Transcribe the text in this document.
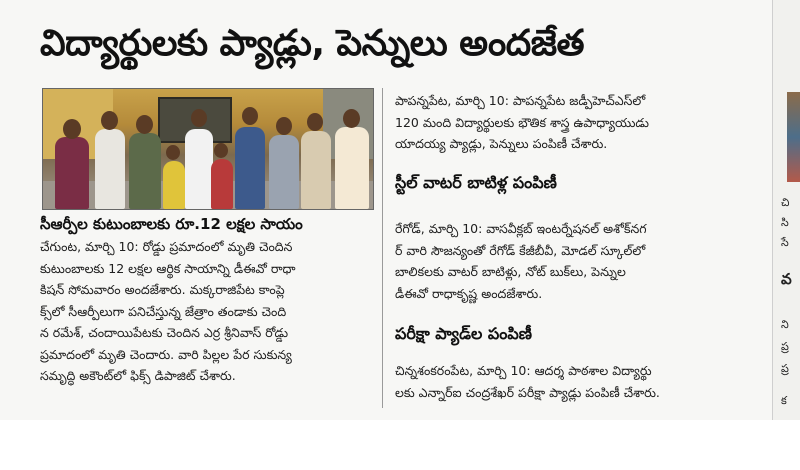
విద్యార్థులకు ప్యాడ్లు, పెన్నులు అందజేత
సీఆర్పీల కుటుంబాలకు రూ.12 లక్షల సాయం
చేగుంట, మార్చి 10: రోడ్డు ప్రమాదంలో మృతి చెందిన
కుటుంబాలకు 12 లక్షల ఆర్థిక సాయాన్ని డీఈవో రాధా
కిషన్ సోమవారం అందజేశారు. మక్కరాజిపేట కాంప్లె
క్స్‌లో సీఆర్పీలుగా పనిచేస్తున్న జేత్రాం తండాకు చెంది
న రమేశ్, చందాయిపేటకు చెందిన ఎర్ర శ్రీనివాస్ రోడ్డు
ప్రమాదంలో మృతి చెందారు. వారి పిల్లల పేర సుకున్య
సమృద్ధి అకౌంట్‌లో ఫిక్స్ డిపాజిట్ చేశారు.
పాపన్నపేట, మార్చి 10: పాపన్నపేట జడ్పీహెచ్‌ఎస్‌లో
120 మంది విద్యార్థులకు భౌతిక శాస్త్ర ఉపాధ్యాయుడు
యాదయ్య ప్యాడ్లు, పెన్నులు పంపిణీ చేశారు.
స్టీల్ వాటర్ బాటిళ్ల పంపిణీ
రేగోడ్, మార్చి 10: వాసవీక్లబ్ ఇంటర్నేషనల్ అశోక్‌నగ
ర్ వారి సౌజన్యంతో రేగోడ్ కేజీబీవీ, మోడల్ స్కూల్‌లో
బాలికలకు వాటర్ బాటిళ్లు, నోట్ బుక్‌లు, పెన్నుల
డీఈవో రాధాకృష్ణ అందజేశారు.
పరీక్షా ప్యాడ్‌ల పంపిణీ
చిన్నశంకరంపేట, మార్చి 10: ఆదర్శ పాఠశాల విద్యార్థు
లకు ఎన్నార్ఐ చంద్రశేఖర్ పరీక్షా ప్యాడ్లు పంపిణీ చేశారు.
చి
సి
సే
వ
ని
ప్ర
ప్ర
క
